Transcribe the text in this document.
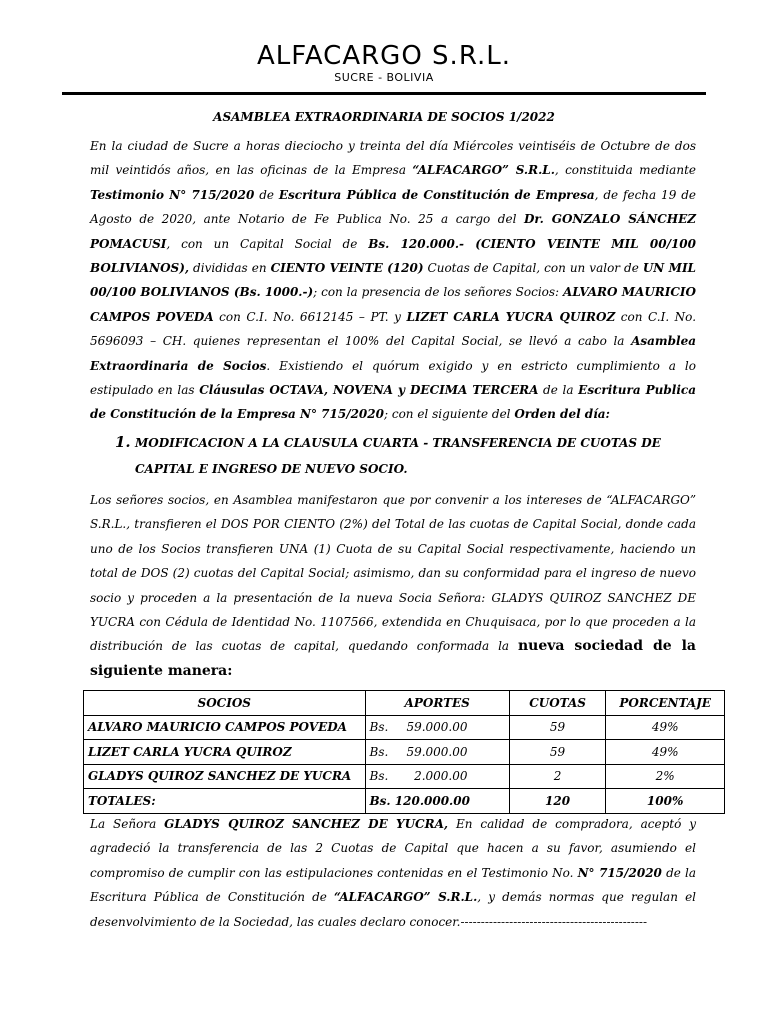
ALFACARGO S.R.L.
SUCRE - BOLIVIA
ASAMBLEA EXTRAORDINARIA DE SOCIOS 1/2022

En la ciudad de Sucre a horas dieciocho y treinta del día Miércoles veintiséis de Octubre de dos mil veintidós años, en las oficinas de la Empresa “ALFACARGO” S.R.L., constituida mediante Testimonio N° 715/2020 de Escritura Pública de Constitución de Empresa, de fecha 19 de Agosto de 2020, ante Notario de Fe Publica No. 25 a cargo del Dr. GONZALO SÁNCHEZ POMACUSI, con un Capital Social de Bs. 120.000.- (CIENTO VEINTE MIL 00/100 BOLIVIANOS), divididas en CIENTO VEINTE (120) Cuotas de Capital, con un valor de UN MIL 00/100 BOLIVIANOS (Bs. 1000.-); con la presencia de los señores Socios: ALVARO MAURICIO CAMPOS POVEDA con C.I. No. 6612145 – PT. y LIZET CARLA YUCRA QUIROZ con C.I. No. 5696093 – CH. quienes representan el 100% del Capital Social, se llevó a cabo la Asamblea Extraordinaria de Socios. Existiendo el quórum exigido y en estricto cumplimiento a lo estipulado en las Cláusulas OCTAVA, NOVENA y DECIMA TERCERA de la Escritura Publica de Constitución de la Empresa N° 715/2020; con el siguiente del Orden del día:

1. MODIFICACION A LA CLAUSULA CUARTA - TRANSFERENCIA DE CUOTAS DE CAPITAL E INGRESO DE NUEVO SOCIO.

Los señores socios, en Asamblea manifestaron que por convenir a los intereses de “ALFACARGO” S.R.L., transfieren el DOS POR CIENTO (2%) del Total de las cuotas de Capital Social, donde cada uno de los Socios transfieren UNA (1) Cuota de su Capital Social respectivamente, haciendo un total de DOS (2) cuotas del Capital Social; asimismo, dan su conformidad para el ingreso de nuevo socio y proceden a la presentación de la nueva Socia Señora: GLADYS QUIROZ SANCHEZ DE YUCRA con Cédula de Identidad No. 1107566, extendida en Chuquisaca, por lo que proceden a la distribución de las cuotas de capital, quedando conformada la nueva sociedad de la siguiente manera:

SOCIOS	APORTES	CUOTAS	PORCENTAJE
ALVARO MAURICIO CAMPOS POVEDA	Bs. 59.000.00	59	49%
LIZET CARLA YUCRA QUIROZ	Bs. 59.000.00	59	49%
GLADYS QUIROZ SANCHEZ DE YUCRA	Bs. 2.000.00	2	2%
TOTALES:	Bs. 120.000.00	120	100%

La Señora GLADYS QUIROZ SANCHEZ DE YUCRA, En calidad de compradora, aceptó y agradeció la transferencia de las 2 Cuotas de Capital que hacen a su favor, asumiendo el compromiso de cumplir con las estipulaciones contenidas en el Testimonio No. N° 715/2020 de la Escritura Pública de Constitución de “ALFACARGO” S.R.L., y demás normas que regulan el desenvolvimiento de la Sociedad, las cuales declaro conocer.----------------------------------------------
